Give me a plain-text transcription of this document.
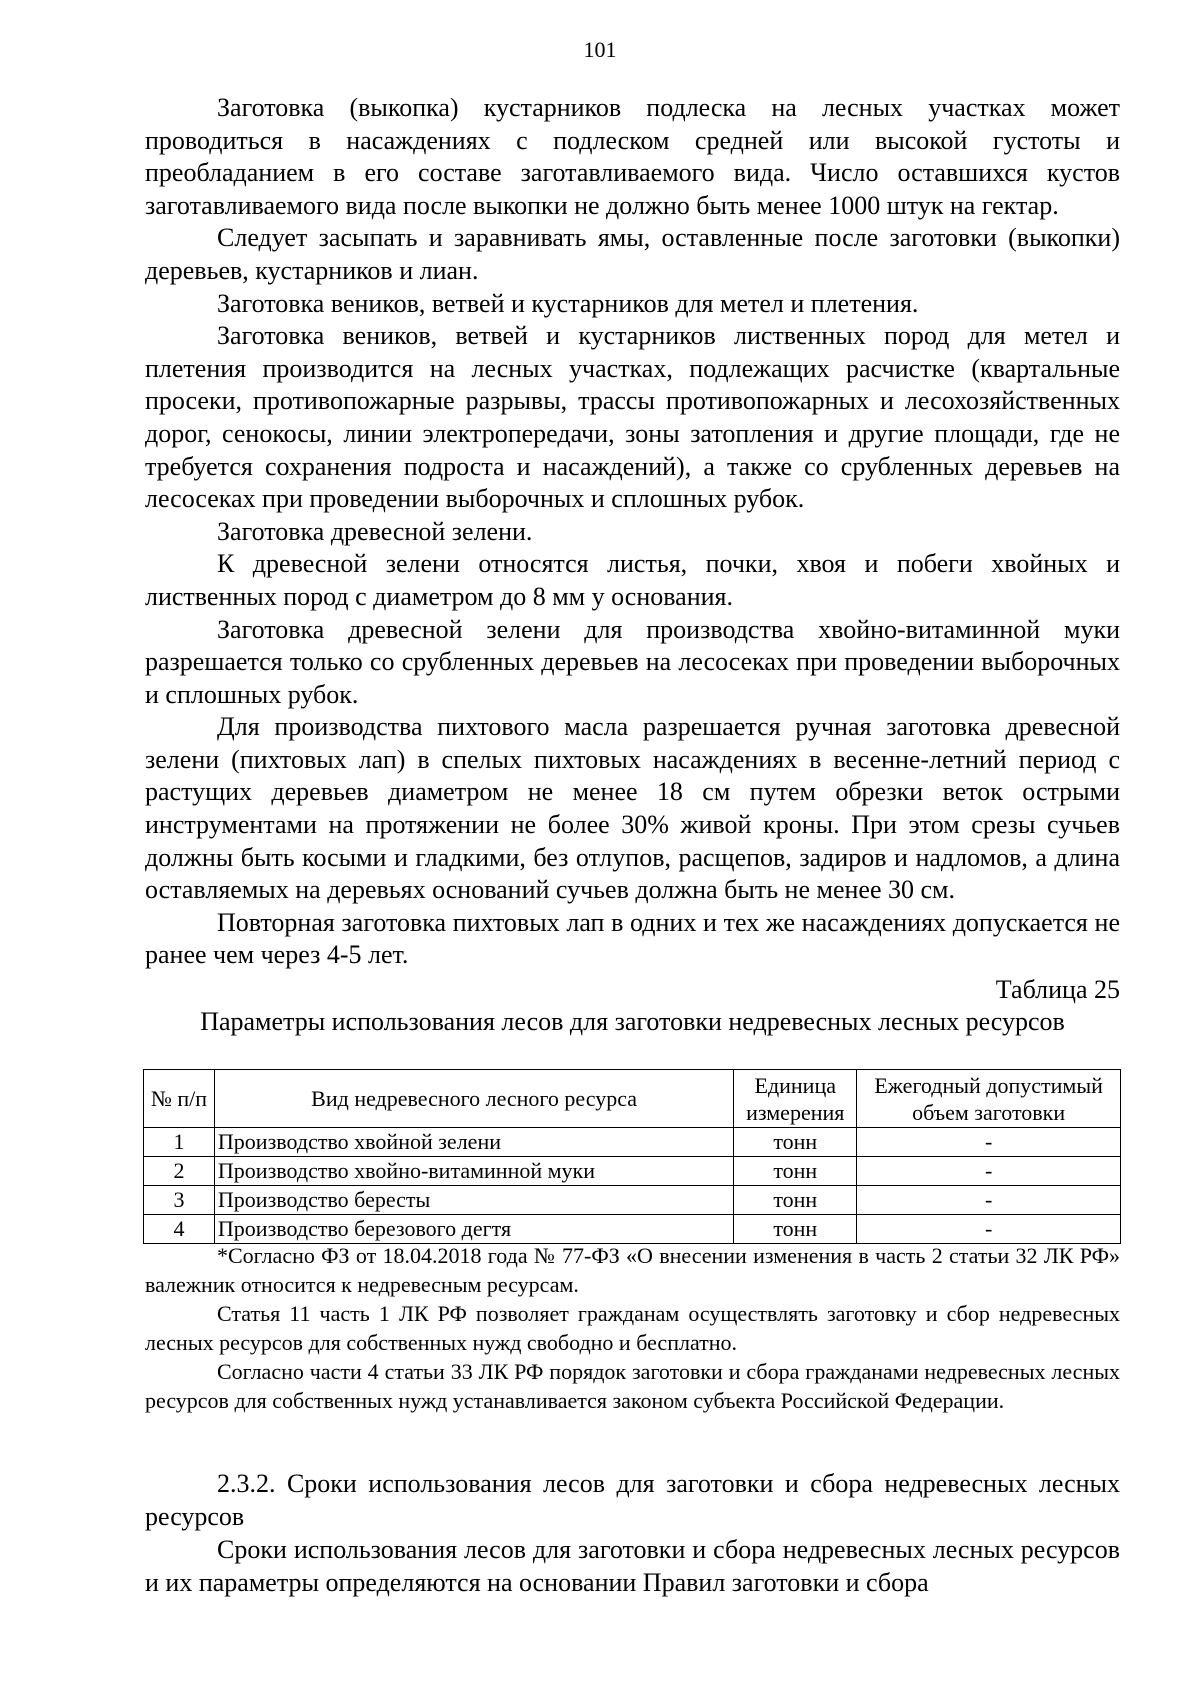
101

Заготовка (выкопка) кустарников подлеска на лесных участках может проводиться в насаждениях с подлеском средней или высокой густоты и преобладанием в его составе заготавливаемого вида. Число оставшихся кустов заготавливаемого вида после выкопки не должно быть менее 1000 штук на гектар.

Следует засыпать и заравнивать ямы, оставленные после заготовки (выкопки) деревьев, кустарников и лиан.

Заготовка веников, ветвей и кустарников для метел и плетения.

Заготовка веников, ветвей и кустарников лиственных пород для метел и плетения производится на лесных участках, подлежащих расчистке (квартальные просеки, противопожарные разрывы, трассы противопожарных и лесохозяйственных дорог, сенокосы, линии электропередачи, зоны затопления и другие площади, где не требуется сохранения подроста и насаждений), а также со срубленных деревьев на лесосеках при проведении выборочных и сплошных рубок.

Заготовка древесной зелени.

К древесной зелени относятся листья, почки, хвоя и побеги хвойных и лиственных пород с диаметром до 8 мм у основания.

Заготовка древесной зелени для производства хвойно-витаминной муки разрешается только со срубленных деревьев на лесосеках при проведении выборочных и сплошных рубок.

Для производства пихтового масла разрешается ручная заготовка древесной зелени (пихтовых лап) в спелых пихтовых насаждениях в весенне-летний период с растущих деревьев диаметром не менее 18 см путем обрезки веток острыми инструментами на протяжении не более 30% живой кроны. При этом срезы сучьев должны быть косыми и гладкими, без отлупов, расщепов, задиров и надломов, а длина оставляемых на деревьях оснований сучьев должна быть не менее 30 см.

Повторная заготовка пихтовых лап в одних и тех же насаждениях допускается не ранее чем через 4-5 лет.

Таблица 25
Параметры использования лесов для заготовки недревесных лесных ресурсов
№ п/п	Вид недревесного лесного ресурса	Единица измерения	Ежегодный допустимый объем заготовки
1	Производство хвойной зелени	тонн	-
2	Производство хвойно-витаминной муки	тонн	-
3	Производство бересты	тонн	-
4	Производство березового дегтя	тонн	-

*Согласно ФЗ от 18.04.2018 года № 77-ФЗ «О внесении изменения в часть 2 статьи 32 ЛК РФ» валежник относится к недревесным ресурсам.

Статья 11 часть 1 ЛК РФ позволяет гражданам осуществлять заготовку и сбор недревесных лесных ресурсов для собственных нужд свободно и бесплатно.

Согласно части 4 статьи 33 ЛК РФ порядок заготовки и сбора гражданами недревесных лесных ресурсов для собственных нужд устанавливается законом субъекта Российской Федерации.

2.3.2. Сроки использования лесов для заготовки и сбора недревесных лесных ресурсов

Сроки использования лесов для заготовки и сбора недревесных лесных ресурсов и их параметры определяются на основании Правил заготовки и сбора
